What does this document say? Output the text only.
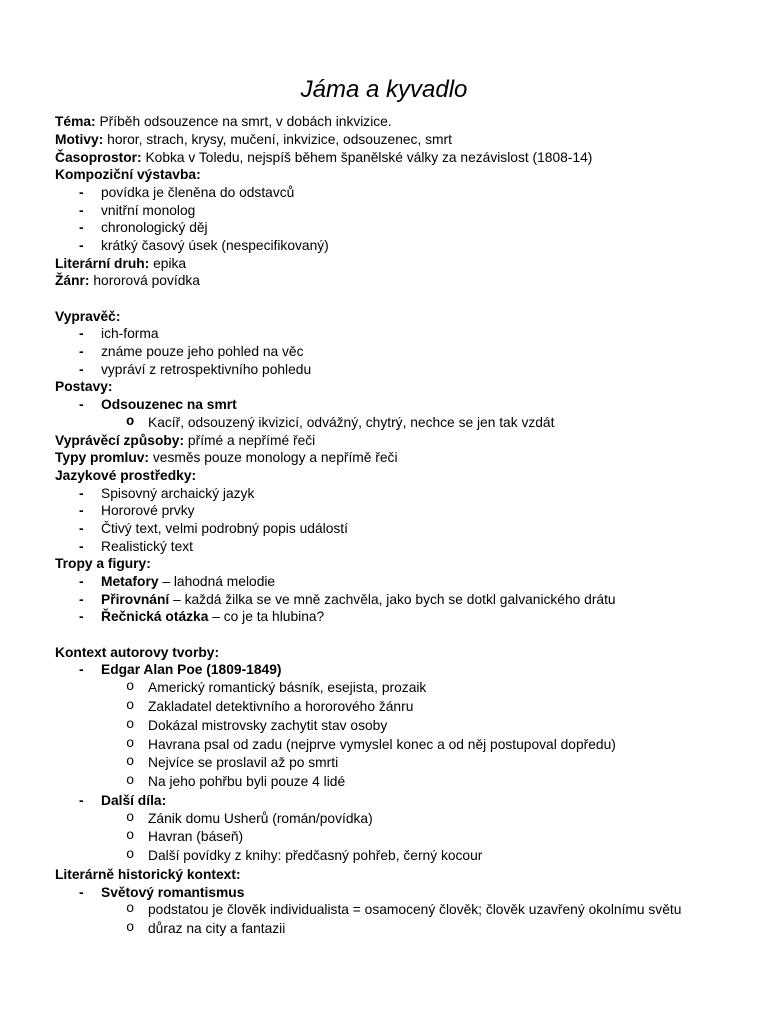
Jáma a kyvadlo
Téma: Příběh odsouzence na smrt, v dobách inkvizice.
Motivy: horor, strach, krysy, mučení, inkvizice, odsouzenec, smrt
Časoprostor: Kobka v Toledu, nejspíš během španělské války za nezávislost (1808-14)
Kompoziční výstavba:
- povídka je členěna do odstavců
- vnitřní monolog
- chronologický děj
- krátký časový úsek (nespecifikovaný)
Literární druh: epika
Žánr: hororová povídka
Vypravěč:
- ich-forma
- známe pouze jeho pohled na věc
- vypráví z retrospektivního pohledu
Postavy:
- Odsouzenec na smrt
o Kacíř, odsouzený ikvizicí, odvážný, chytrý, nechce se jen tak vzdát
Vyprávěcí způsoby: přímé a nepřímé řeči
Typy promluv: vesměs pouze monology a nepřímě řeči
Jazykové prostředky:
- Spisovný archaický jazyk
- Hororové prvky
- Čtivý text, velmi podrobný popis událostí
- Realistický text
Tropy a figury:
- Metafory – lahodná melodie
- Přirovnání – každá žilka se ve mně zachvěla, jako bych se dotkl galvanického drátu
- Řečnická otázka – co je ta hlubina?
Kontext autorovy tvorby:
- Edgar Alan Poe (1809-1849)
o Americký romantický básník, esejista, prozaik
o Zakladatel detektivního a hororového žánru
o Dokázal mistrovsky zachytit stav osoby
o Havrana psal od zadu (nejprve vymyslel konec a od něj postupoval dopředu)
o Nejvíce se proslavil až po smrti
o Na jeho pohřbu byli pouze 4 lidé
- Další díla:
o Zánik domu Usherů (román/povídka)
o Havran (báseň)
o Další povídky z knihy: předčasný pohřeb, černý kocour
Literárně historický kontext:
- Světový romantismus
o podstatou je člověk individualista = osamocený člověk; člověk uzavřený okolnímu světu
o důraz na city a fantazii
